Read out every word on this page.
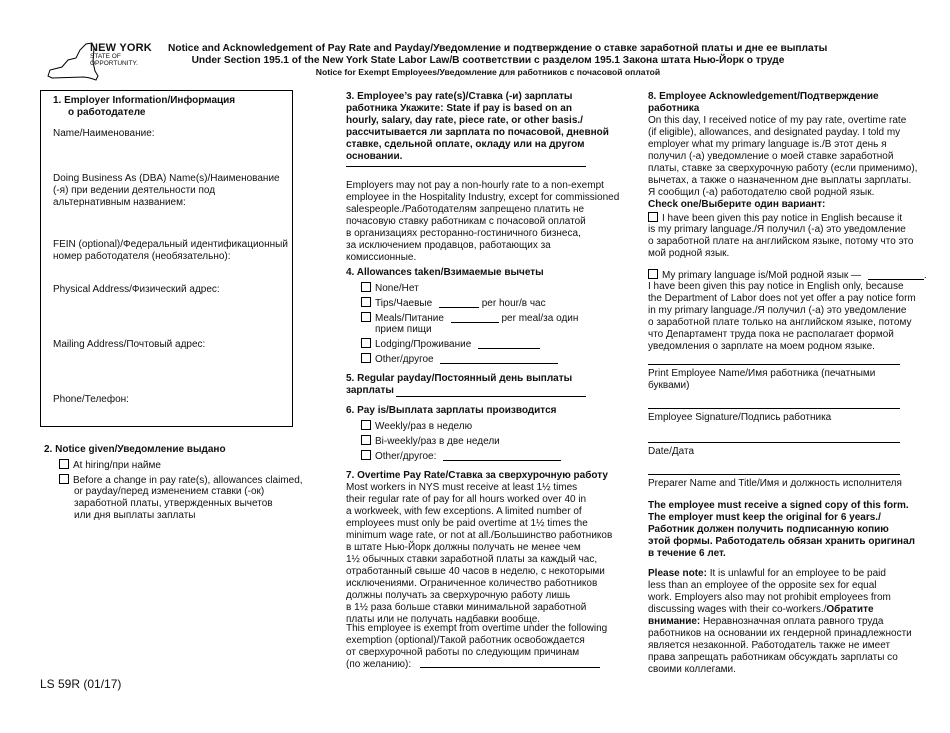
NEW YORK
STATE OF
OPPORTUNITY.
Notice and Acknowledgement of Pay Rate and Payday/Уведомление и подтверждение о ставке заработной платы и дне ее выплаты
Under Section 195.1 of the New York State Labor Law/В соответствии с разделом 195.1 Закона штата Нью-Йорк о труде
Notice for Exempt Employees/Уведомление для работников с почасовой оплатой
1. Employer Information/Информация
о работодателе
Name/Наименование:
Doing Business As (DBA) Name(s)/Наименование
(-я) при ведении деятельности под
альтернативным названием:
FEIN (optional)/Федеральный идентификационный
номер работодателя (необязательно):
Physical Address/Физический адрес:
Mailing Address/Почтовый адрес:
Phone/Телефон:
2. Notice given/Уведомление выдано
At hiring/при найме
Before a change in pay rate(s), allowances claimed,
or payday/перед изменением ставки (-ок)
заработной платы, утвержденных вычетов
или дня выплаты заплаты
LS 59R (01/17)
3. Employee’s pay rate(s)/Ставка (-и) зарплаты
работника Укажите: State if pay is based on an
hourly, salary, day rate, piece rate, or other basis./
рассчитывается ли зарплата по почасовой, дневной
ставке, сдельной оплате, окладу или на другом
основании.
Employers may not pay a non-hourly rate to a non-exempt
employee in the Hospitality Industry, except for commissioned
salespeople./Работодателям запрещено платить не
почасовую ставку работникам с почасовой оплатой
в организациях ресторанно-гостиничного бизнеса,
за исключением продавцов, работающих за
комиссионные.
4. Allowances taken/Взимаемые вычеты
None/Нет
Tips/Чаевые	per hour/в час
Meals/Питание	per meal/за один
прием пищи
Lodging/Проживание
Other/другое
5. Regular payday/Постоянный день выплаты
зарплаты
6. Pay is/Выплата зарплаты производится
Weekly/раз в неделю
Bi-weekly/раз в две недели
Other/другое:
7. Overtime Pay Rate/Ставка за сверхурочную работу
Most workers in NYS must receive at least 1½ times
their regular rate of pay for all hours worked over 40 in
a workweek, with few exceptions. A limited number of
employees must only be paid overtime at 1½ times the
minimum wage rate, or not at all./Большинство работников
в штате Нью-Йорк должны получать не менее чем
1½ обычных ставки заработной платы за каждый час,
отработанный свыше 40 часов в неделю, с некоторыми
исключениями. Ограниченное количество работников
должны получать за сверхурочную работу лишь
в 1½ раза больше ставки минимальной заработной
платы или не получать надбавки вообще.
This employee is exempt from overtime under the following
exemption (optional)/Такой работник освобождается
от сверхурочной работы по следующим причинам
(по желанию):
8. Employee Acknowledgement/Подтверждение
работника
On this day, I received notice of my pay rate, overtime rate
(if eligible), allowances, and designated payday. I told my
employer what my primary language is./В этот день я
получил (-а) уведомление о моей ставке заработной
платы, ставке за сверхурочную работу (если применимо),
вычетах, а также о назначенном дне выплаты зарплаты.
Я сообщил (-а) работодателю свой родной язык.
Check one/Выберите один вариант:
I have been given this pay notice in English because it
is my primary language./Я получил (-а) это уведомление
о заработной плате на английском языке, потому что это
мой родной язык.
My primary language is/Мой родной язык —	.
I have been given this pay notice in English only, because
the Department of Labor does not yet offer a pay notice form
in my primary language./Я получил (-а) это уведомление
о заработной плате только на английском языке, потому
что Департамент труда пока не располагает формой
уведомления о зарплате на моем родном языке.
Print Employee Name/Имя работника (печатными
буквами)
Employee Signature/Подпись работника
Date/Дата
Preparer Name and Title/Имя и должность исполнителя
The employee must receive a signed copy of this form.
The employer must keep the original for 6 years./
Работник должен получить подписанную копию
этой формы. Работодатель обязан хранить оригинал
в течение 6 лет.
Please note: It is unlawful for an employee to be paid
less than an employee of the opposite sex for equal
work. Employers also may not prohibit employees from
discussing wages with their co-workers./Обратите
внимание: Неравнозначная оплата равного труда
работников на основании их гендерной принадлежности
является незаконной. Работодатель также не имеет
права запрещать работникам обсуждать зарплаты со
своими коллегами.
